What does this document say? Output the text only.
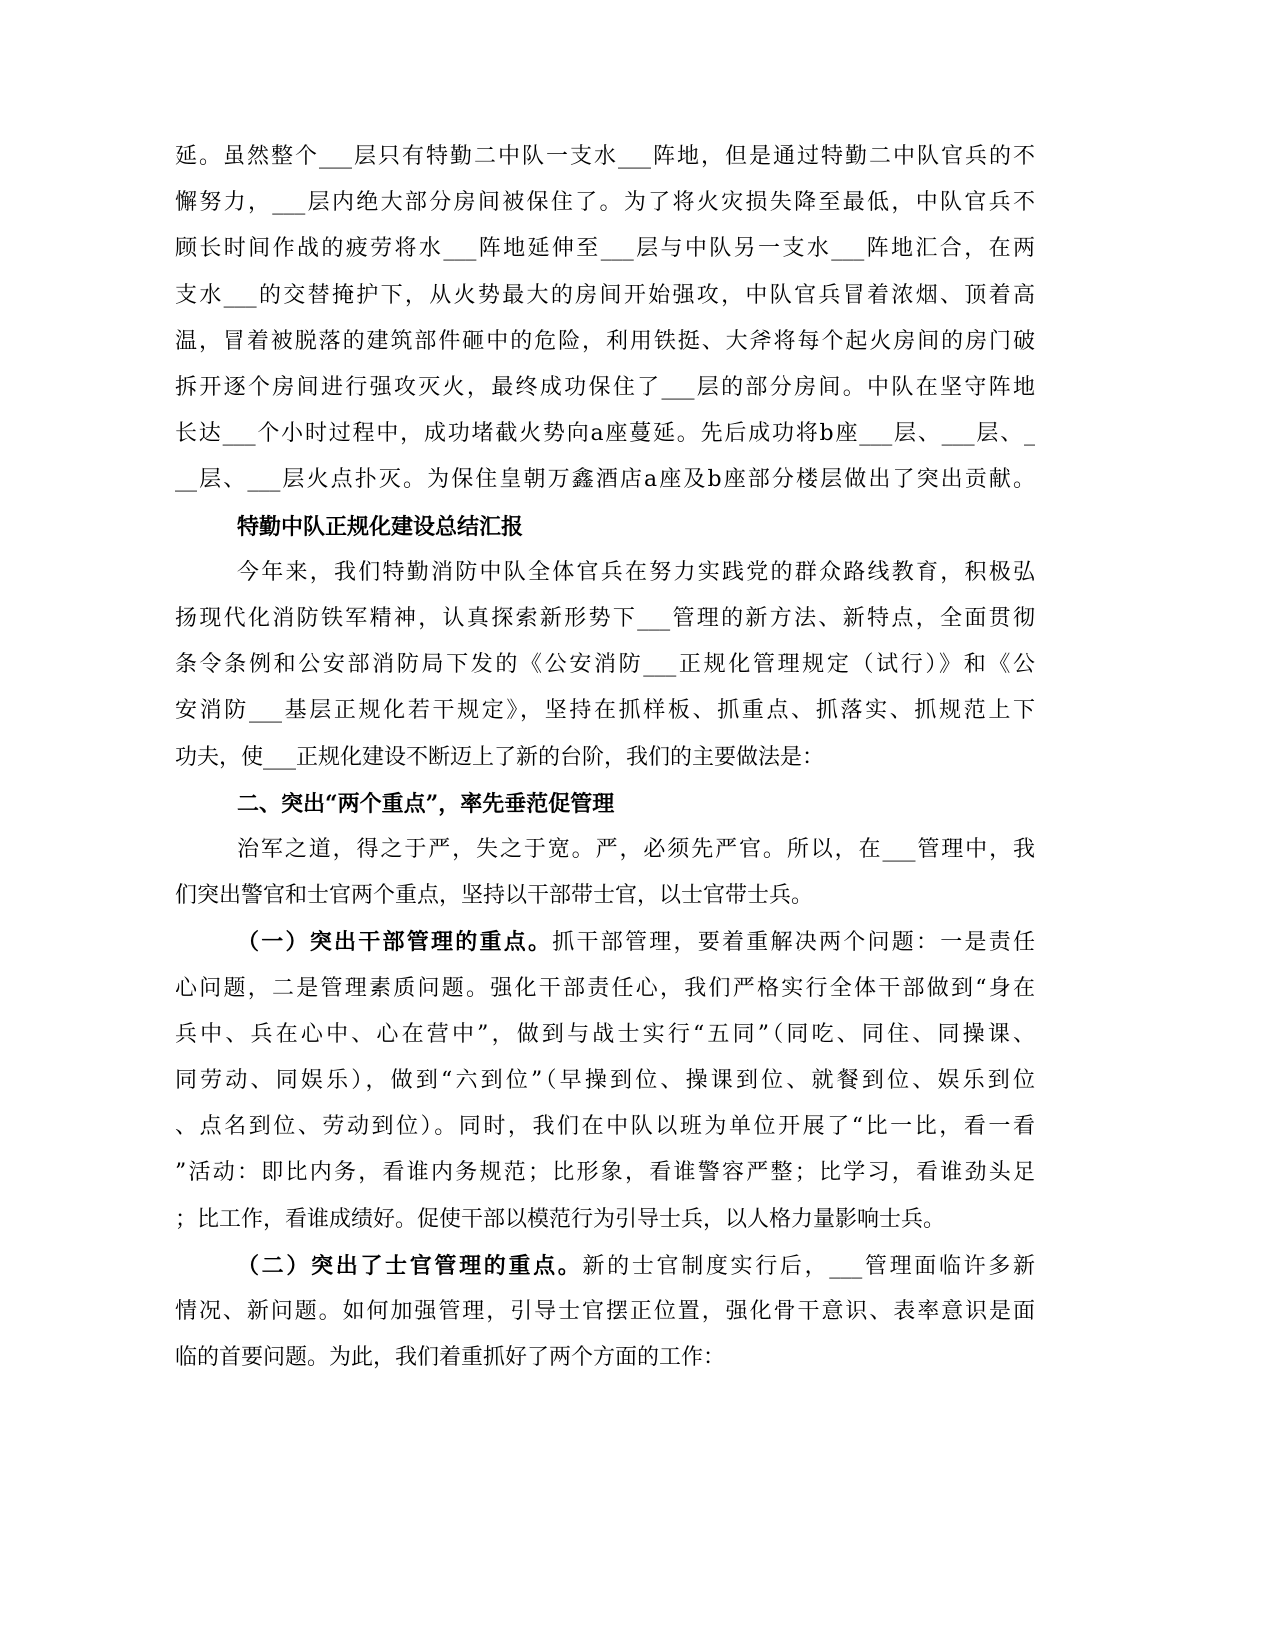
延。虽然整个___层只有特勤二中队一支水___阵地，但是通过特勤二中队官兵的不
懈努力，___层内绝大部分房间被保住了。为了将火灾损失降至最低，中队官兵不
顾长时间作战的疲劳将水___阵地延伸至___层与中队另一支水___阵地汇合，在两
支水___的交替掩护下，从火势最大的房间开始强攻，中队官兵冒着浓烟、顶着高
温，冒着被脱落的建筑部件砸中的危险，利用铁挺、大斧将每个起火房间的房门破
拆开逐个房间进行强攻灭火，最终成功保住了___层的部分房间。中队在坚守阵地
长达___个小时过程中，成功堵截火势向a座蔓延。先后成功将b座___层、___层、_
__层、___层火点扑灭。为保住皇朝万鑫酒店a座及b座部分楼层做出了突出贡献。
特勤中队正规化建设总结汇报
今年来，我们特勤消防中队全体官兵在努力实践党的群众路线教育，积极弘
扬现代化消防铁军精神，认真探索新形势下___管理的新方法、新特点，全面贯彻
条令条例和公安部消防局下发的《公安消防___正规化管理规定（试行）》和《公
安消防___基层正规化若干规定》，坚持在抓样板、抓重点、抓落实、抓规范上下
功夫，使___正规化建设不断迈上了新的台阶，我们的主要做法是：
二、突出“两个重点”，率先垂范促管理
治军之道，得之于严，失之于宽。严，必须先严官。所以，在___管理中，我
们突出警官和士官两个重点，坚持以干部带士官，以士官带士兵。
（一）突出干部管理的重点。抓干部管理，要着重解决两个问题：一是责任
心问题，二是管理素质问题。强化干部责任心，我们严格实行全体干部做到“身在
兵中、兵在心中、心在营中”，做到与战士实行“五同”（同吃、同住、同操课、
同劳动、同娱乐），做到“六到位”（早操到位、操课到位、就餐到位、娱乐到位
、点名到位、劳动到位）。同时，我们在中队以班为单位开展了“比一比，看一看
”活动：即比内务，看谁内务规范；比形象，看谁警容严整；比学习，看谁劲头足
；比工作，看谁成绩好。促使干部以模范行为引导士兵，以人格力量影响士兵。
（二）突出了士官管理的重点。新的士官制度实行后，___管理面临许多新
情况、新问题。如何加强管理，引导士官摆正位置，强化骨干意识、表率意识是面
临的首要问题。为此，我们着重抓好了两个方面的工作：
